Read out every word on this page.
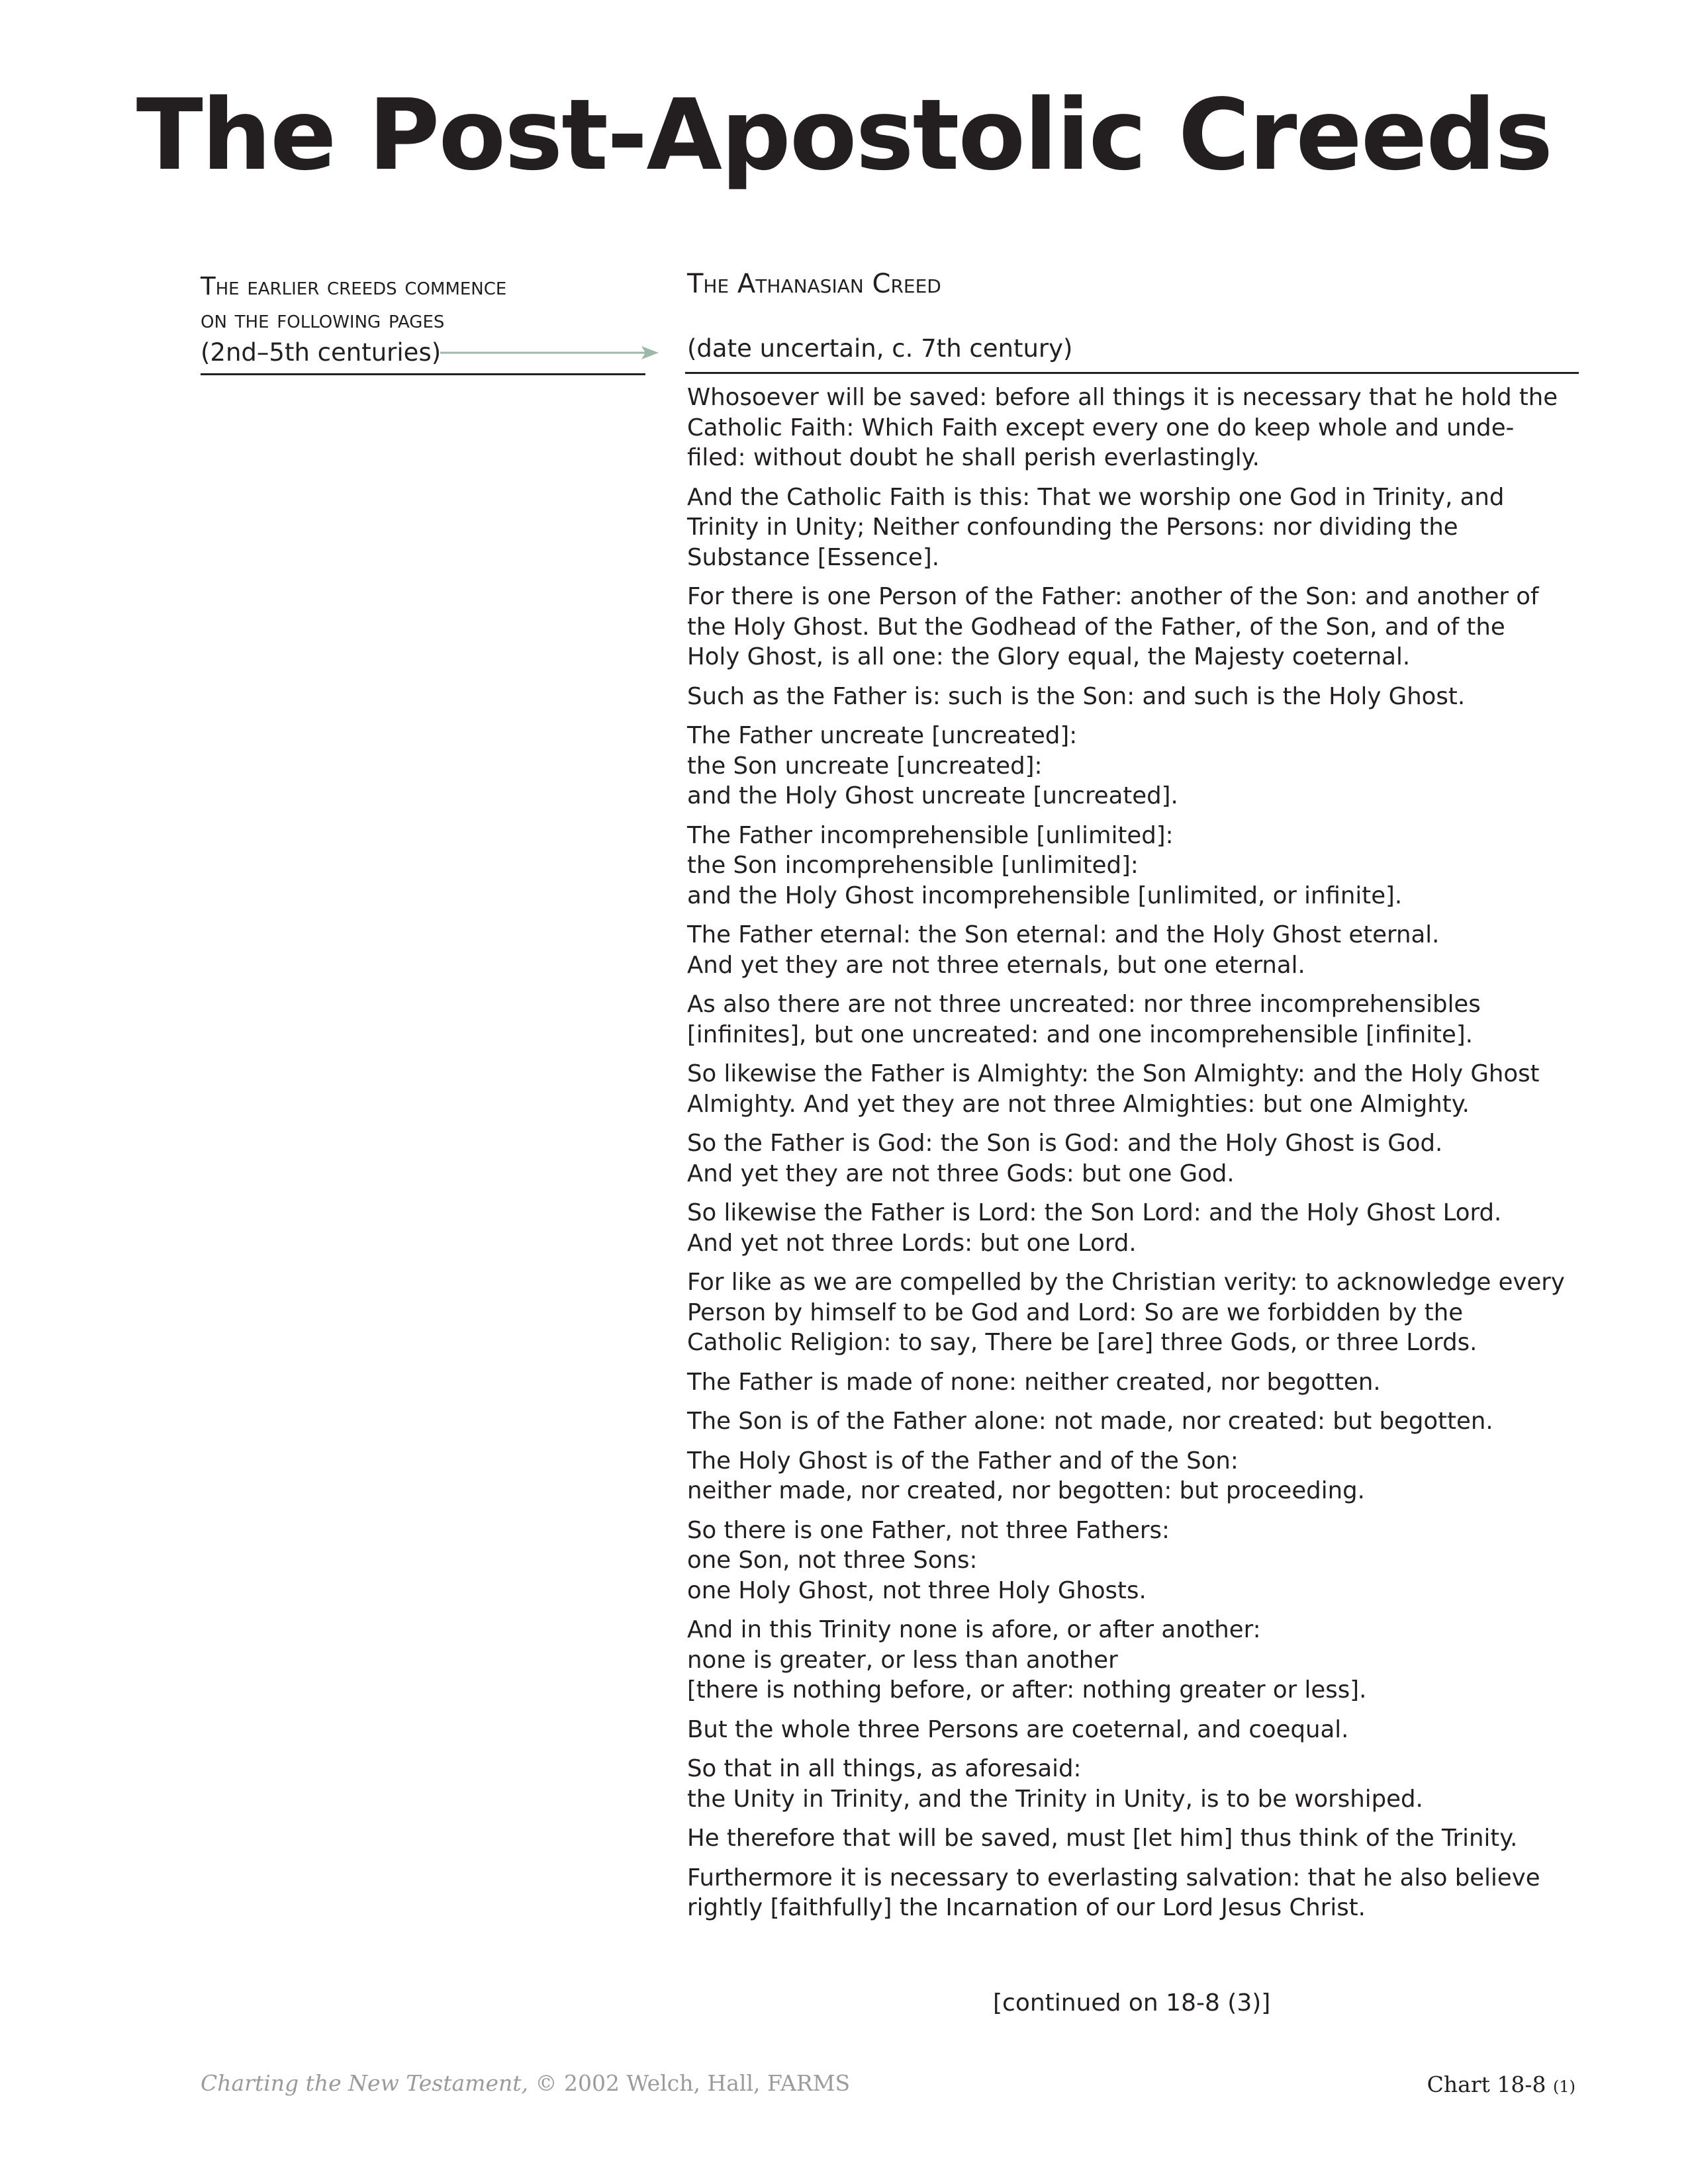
The Post-Apostolic Creeds
The earlier creeds commence
on the following pages
(2nd–5th centuries)
The Athanasian Creed
(date uncertain, c. 7th century)

Whosoever will be saved: before all things it is necessary that he hold the
Catholic Faith: Which Faith except every one do keep whole and unde-
filed: without doubt he shall perish everlastingly.

And the Catholic Faith is this: That we worship one God in Trinity, and
Trinity in Unity; Neither confounding the Persons: nor dividing the
Substance [Essence].

For there is one Person of the Father: another of the Son: and another of
the Holy Ghost. But the Godhead of the Father, of the Son, and of the
Holy Ghost, is all one: the Glory equal, the Majesty coeternal.

Such as the Father is: such is the Son: and such is the Holy Ghost.

The Father uncreate [uncreated]:
the Son uncreate [uncreated]:
and the Holy Ghost uncreate [uncreated].

The Father incomprehensible [unlimited]:
the Son incomprehensible [unlimited]:
and the Holy Ghost incomprehensible [unlimited, or infinite].

The Father eternal: the Son eternal: and the Holy Ghost eternal.
And yet they are not three eternals, but one eternal.

As also there are not three uncreated: nor three incomprehensibles
[infinites], but one uncreated: and one incomprehensible [infinite].

So likewise the Father is Almighty: the Son Almighty: and the Holy Ghost
Almighty. And yet they are not three Almighties: but one Almighty.

So the Father is God: the Son is God: and the Holy Ghost is God.
And yet they are not three Gods: but one God.

So likewise the Father is Lord: the Son Lord: and the Holy Ghost Lord.
And yet not three Lords: but one Lord.

For like as we are compelled by the Christian verity: to acknowledge every
Person by himself to be God and Lord: So are we forbidden by the
Catholic Religion: to say, There be [are] three Gods, or three Lords.

The Father is made of none: neither created, nor begotten.

The Son is of the Father alone: not made, nor created: but begotten.

The Holy Ghost is of the Father and of the Son:
neither made, nor created, nor begotten: but proceeding.

So there is one Father, not three Fathers:
one Son, not three Sons:
one Holy Ghost, not three Holy Ghosts.

And in this Trinity none is afore, or after another:
none is greater, or less than another
[there is nothing before, or after: nothing greater or less].

But the whole three Persons are coeternal, and coequal.

So that in all things, as aforesaid:
the Unity in Trinity, and the Trinity in Unity, is to be worshiped.

He therefore that will be saved, must [let him] thus think of the Trinity.

Furthermore it is necessary to everlasting salvation: that he also believe
rightly [faithfully] the Incarnation of our Lord Jesus Christ.

[continued on 18-8 (3)]
Charting the New Testament, © 2002 Welch, Hall, FARMS	Chart 18-8 (1)
